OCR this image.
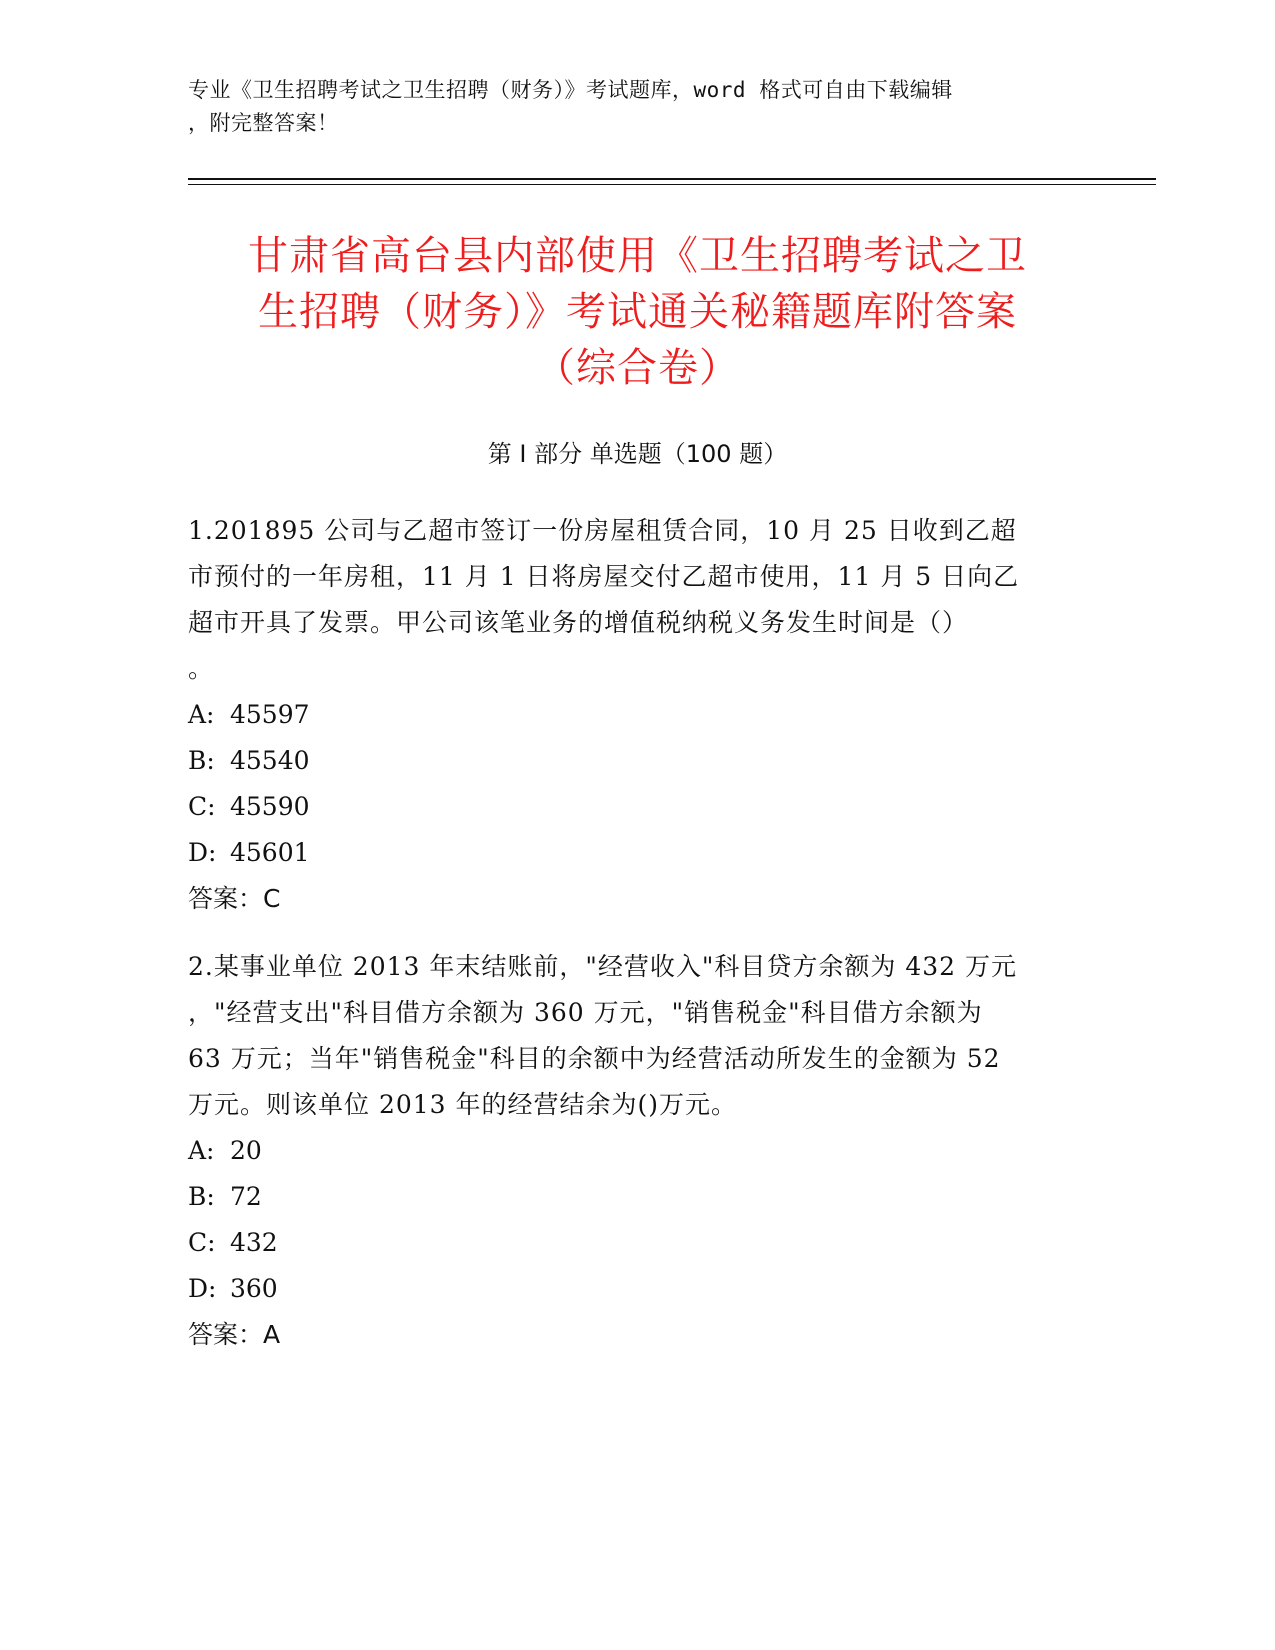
专业《卫生招聘考试之卫生招聘（财务）》考试题库，word 格式可自由下载编辑
，附完整答案！
甘肃省高台县内部使用《卫生招聘考试之卫
生招聘（财务）》考试通关秘籍题库附答案
（综合卷）
第 I 部分 单选题（100 题）

1.201895 公司与乙超市签订一份房屋租赁合同，10 月 25 日收到乙超

市预付的一年房租，11 月 1 日将房屋交付乙超市使用，11 月 5 日向乙

超市开具了发票。甲公司该笔业务的增值税纳税义务发生时间是（）

。

A: 45597
B: 45540
C: 45590
D: 45601

答案：C

2.某事业单位 2013 年末结账前，"经营收入"科目贷方余额为 432 万元

，"经营支出"科目借方余额为 360 万元，"销售税金"科目借方余额为

63 万元；当年"销售税金"科目的余额中为经营活动所发生的金额为 52

万元。则该单位 2013 年的经营结余为()万元。

A: 20
B: 72
C: 432
D: 360

答案：A
